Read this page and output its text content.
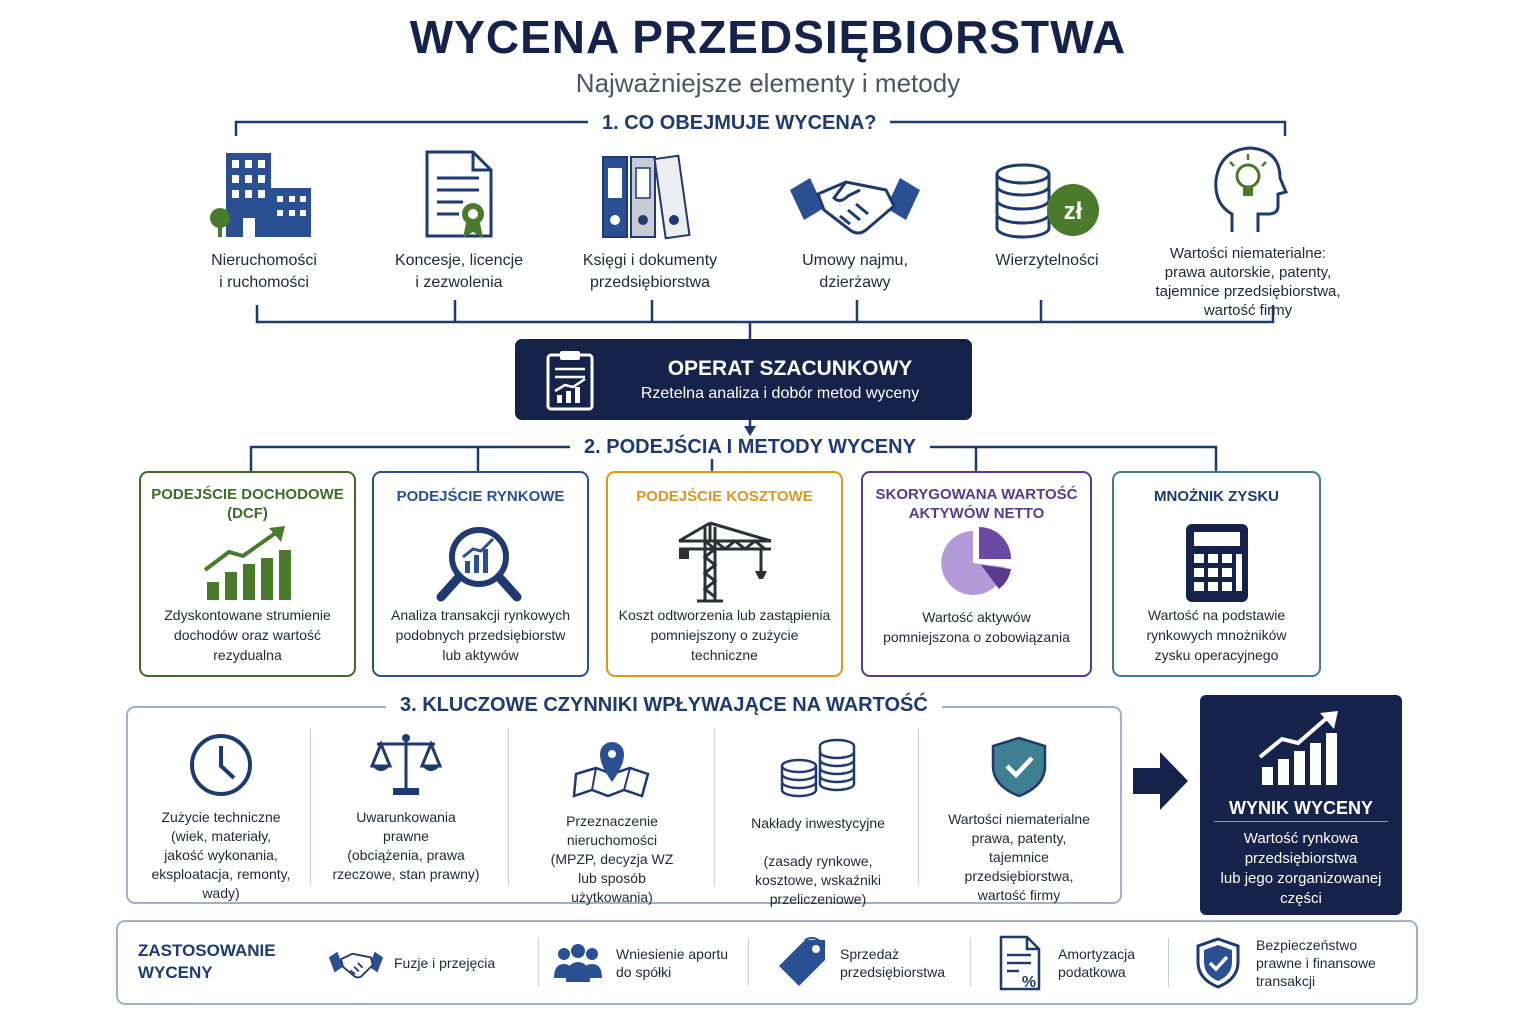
WYCENA PRZEDSIĘBIORSTWA
Najważniejsze elementy i metody
1. CO OBEJMUJE WYCENA?
2. PODEJŚCIA I METODY WYCENY
3. KLUCZOWE CZYNNIKI WPŁYWAJĄCE NA WARTOŚĆ
Nieruchomości
i ruchomości
Koncesje, licencje
i zezwolenia
Księgi i dokumenty
przedsiębiorstwa
Umowy najmu,
dzierżawy
zł
Wierzytelności	Wartości niematerialne:
prawa autorskie, patenty,
tajemnice przedsiębiorstwa,
wartość firmy
OPERAT SZACUNKOWY
Rzetelna analiza i dobór metod wyceny
PODEJŚCIE DOCHODOWE
(DCF)
Zdyskontowane strumienie
dochodów oraz wartość
rezydualna
PODEJŚCIE RYNKOWE
Analiza transakcji rynkowych
podobnych przedsiębiorstw
lub aktywów
PODEJŚCIE KOSZTOWE
Koszt odtworzenia lub zastąpienia
pomniejszony o zużycie
techniczne
SKORYGOWANA WARTOŚĆ
AKTYWÓW NETTO
Wartość aktywów
pomniejszona o zobowiązania
MNOŻNIK ZYSKU
Wartość na podstawie
rynkowych mnożników
zysku operacyjnego
Zużycie techniczne
(wiek, materiały,
jakość wykonania,
eksploatacja, remonty,
wady)
Uwarunkowania
prawne
(obciążenia, prawa
rzeczowe, stan prawny)
Przeznaczenie
nieruchomości
(MPZP, decyzja WZ
lub sposób
użytkowania)
Nakłady inwestycyjne

(zasady rynkowe,
kosztowe, wskaźniki
przeliczeniowe)
Wartości niematerialne
prawa, patenty,
tajemnice
przedsiębiorstwa,
wartość firmy
WYNIK WYCENY
Wartość rynkowa
przedsiębiorstwa
lub jego zorganizowanej
części
ZASTOSOWANIE
WYCENY
Fuzje i przejęcia
Wniesienie aportu
do spółki
Sprzedaż
przedsiębiorstwa
%
Amortyzacja
podatkowa
Bezpieczeństwo
prawne i finansowe
transakcji
